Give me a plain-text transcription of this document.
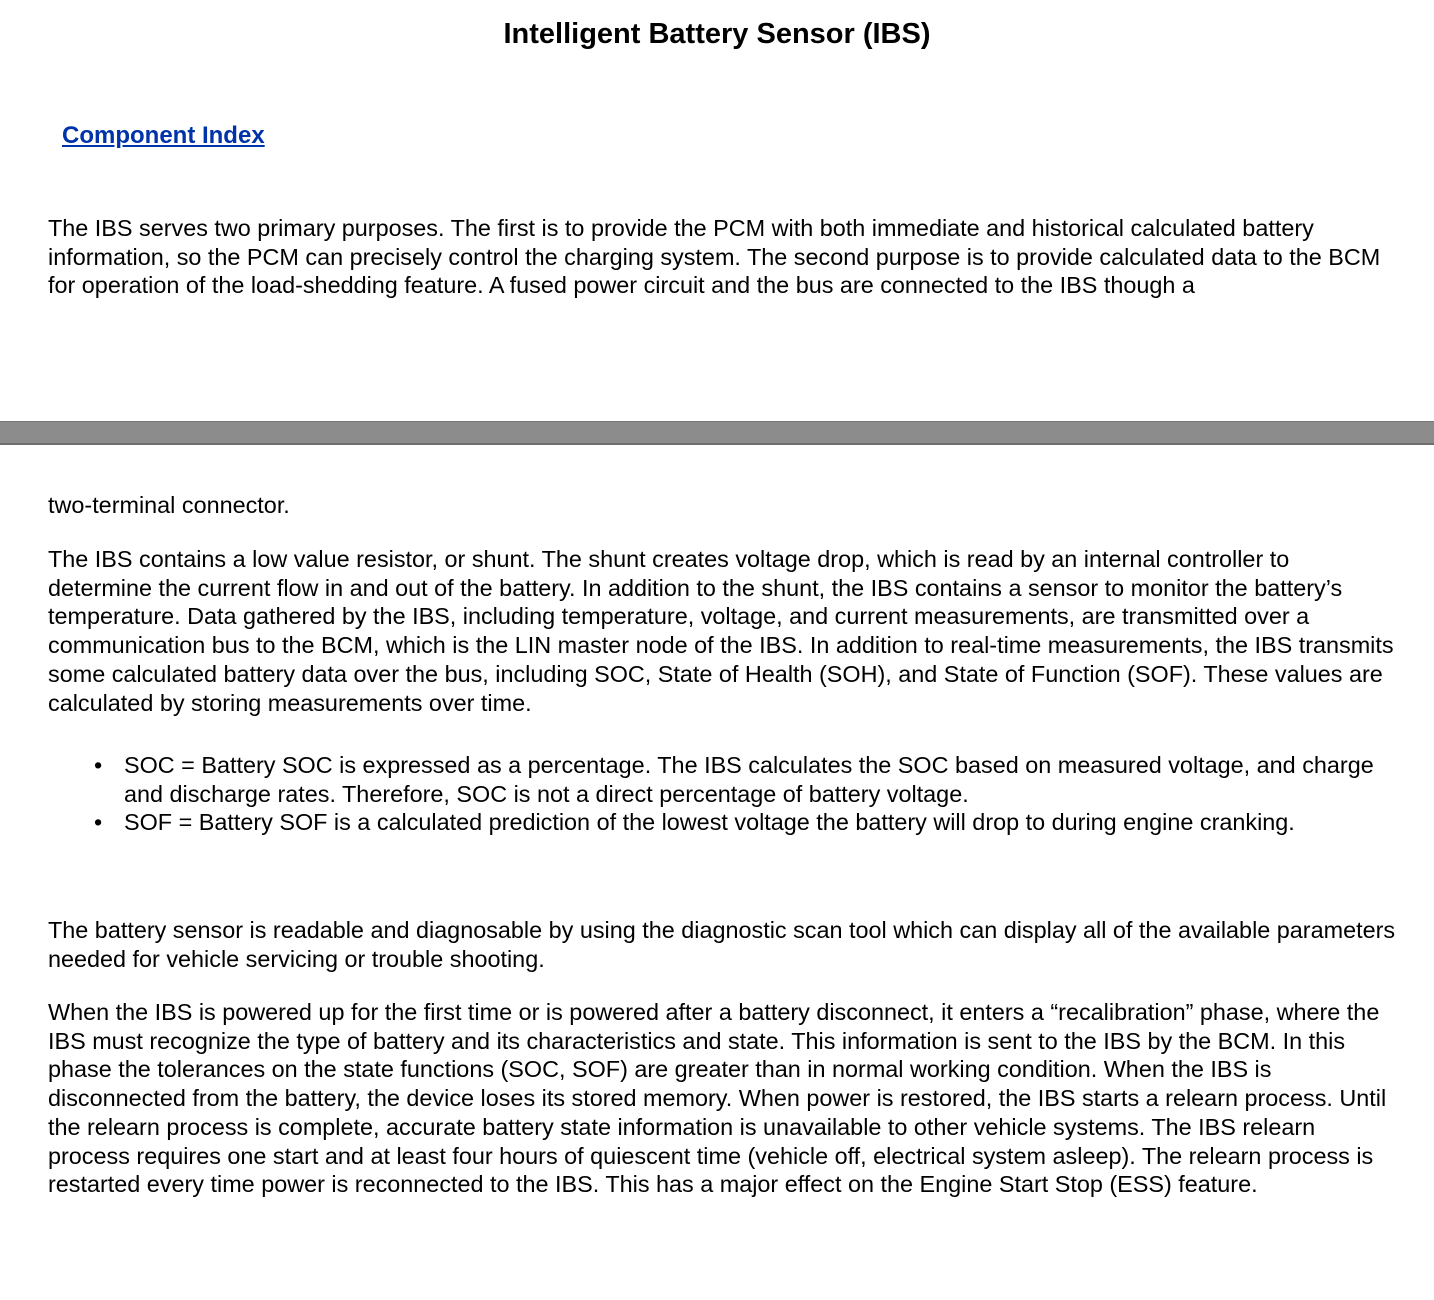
Intelligent Battery Sensor (IBS)
Component Index

The IBS serves two primary purposes. The first is to provide the PCM with both immediate and historical calculated battery information, so the PCM can precisely control the charging system. The second purpose is to provide calculated data to the BCM for operation of the load-shedding feature. A fused power circuit and the bus are connected to the IBS though a

two-terminal connector.

The IBS contains a low value resistor, or shunt. The shunt creates voltage drop, which is read by an internal controller to determine the current flow in and out of the battery. In addition to the shunt, the IBS contains a sensor to monitor the battery’s temperature. Data gathered by the IBS, including temperature, voltage, and current measurements, are transmitted over a communication bus to the BCM, which is the LIN master node of the IBS. In addition to real-time measurements, the IBS transmits some calculated battery data over the bus, including SOC, State of Health (SOH), and State of Function (SOF). These values are calculated by storing measurements over time.

• SOC = Battery SOC is expressed as a percentage. The IBS calculates the SOC based on measured voltage, and charge and discharge rates. Therefore, SOC is not a direct percentage of battery voltage.
• SOF = Battery SOF is a calculated prediction of the lowest voltage the battery will drop to during engine cranking.

The battery sensor is readable and diagnosable by using the diagnostic scan tool which can display all of the available parameters needed for vehicle servicing or trouble shooting.

When the IBS is powered up for the first time or is powered after a battery disconnect, it enters a “recalibration” phase, where the IBS must recognize the type of battery and its characteristics and state. This information is sent to the IBS by the BCM. In this phase the tolerances on the state functions (SOC, SOF) are greater than in normal working condition. When the IBS is disconnected from the battery, the device loses its stored memory. When power is restored, the IBS starts a relearn process. Until the relearn process is complete, accurate battery state information is unavailable to other vehicle systems. The IBS relearn process requires one start and at least four hours of quiescent time (vehicle off, electrical system asleep). The relearn process is restarted every time power is reconnected to the IBS. This has a major effect on the Engine Start Stop (ESS) feature.
